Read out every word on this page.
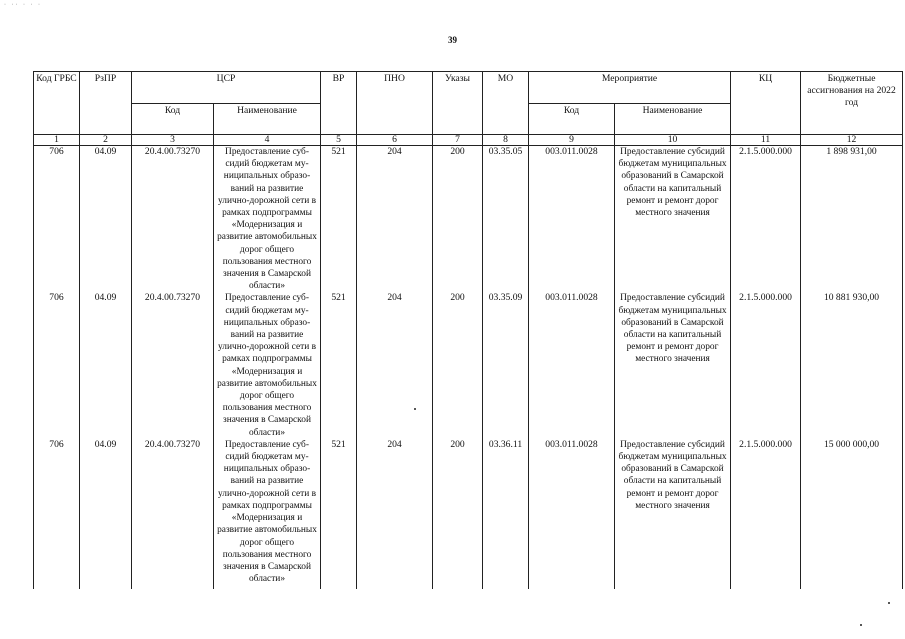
· ·· · · ·
39
Код ГРБС	РзПР	ЦСР		ВР	ПНО	Указы	МО	Мероприятие		КЦ	Бюджетные ассигнования на 2022 год
		Код	Наименование					Код	Наименование		
1	2	3	4	5	6	7	8	9	10	11	12
706	04.09	20.4.00.73270	Предоставление субсидий бюджетам муниципальных образований на развитие улично-дорожной сети в рамках подпрограммы «Модернизация и развитие автомобильных дорог общего пользования местного значения в Самарской области»	521	204	200	03.35.05	003.011.0028	Предоставление субсидий бюджетам муниципальных образований в Самарской области на капитальный ремонт и ремонт дорог местного значения	2.1.5.000.000	1 898 931,00
706	04.09	20.4.00.73270	Предоставление субсидий бюджетам муниципальных образований на развитие улично-дорожной сети в рамках подпрограммы «Модернизация и развитие автомобильных дорог общего пользования местного значения в Самарской области»	521	204	200	03.35.09	003.011.0028	Предоставление субсидий бюджетам муниципальных образований в Самарской области на капитальный ремонт и ремонт дорог местного значения	2.1.5.000.000	10 881 930,00
706	04.09	20.4.00.73270	Предоставление субсидий бюджетам муниципальных образований на развитие улично-дорожной сети в рамках подпрограммы «Модернизация и развитие автомобильных дорог общего пользования местного значения в Самарской области»	521	204	200	03.36.11	003.011.0028	Предоставление субсидий бюджетам муниципальных образований в Самарской области на капитальный ремонт и ремонт дорог местного значения	2.1.5.000.000	15 000 000,00
